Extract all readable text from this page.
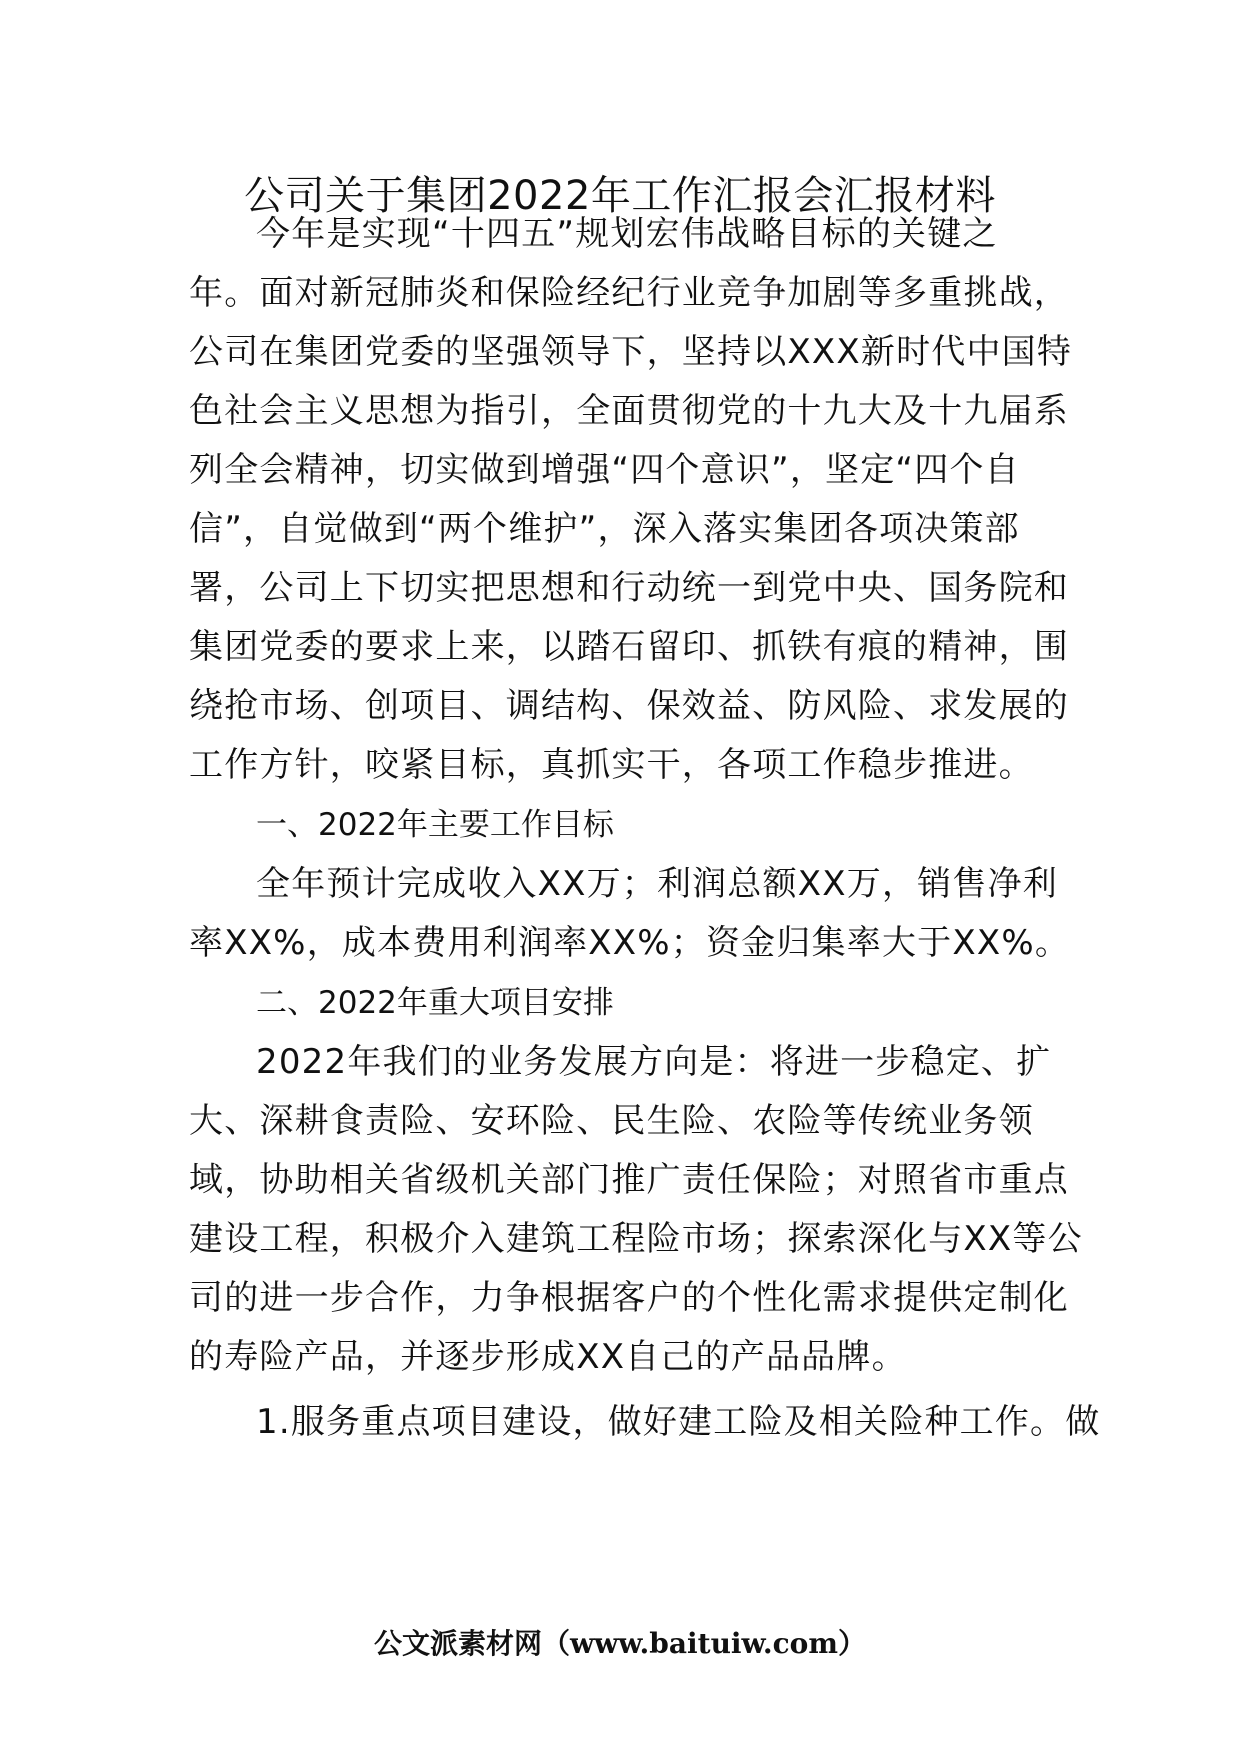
公司关于集团2022年工作汇报会汇报材料
今年是实现“十四五”规划宏伟战略目标的关键之
年。面对新冠肺炎和保险经纪行业竞争加剧等多重挑战，
公司在集团党委的坚强领导下，坚持以XXX新时代中国特
色社会主义思想为指引，全面贯彻党的十九大及十九届系
列全会精神，切实做到增强“四个意识”，坚定“四个自
信”，自觉做到“两个维护”，深入落实集团各项决策部
署，公司上下切实把思想和行动统一到党中央、国务院和
集团党委的要求上来，以踏石留印、抓铁有痕的精神，围
绕抢市场、创项目、调结构、保效益、防风险、求发展的
工作方针，咬紧目标，真抓实干，各项工作稳步推进。
一、2022年主要工作目标
全年预计完成收入XX万；利润总额XX万，销售净利
率XX%，成本费用利润率XX%；资金归集率大于XX%。
二、2022年重大项目安排
2022年我们的业务发展方向是：将进一步稳定、扩
大、深耕食责险、安环险、民生险、农险等传统业务领
域，协助相关省级机关部门推广责任保险；对照省市重点
建设工程，积极介入建筑工程险市场；探索深化与XX等公
司的进一步合作，力争根据客户的个性化需求提供定制化
的寿险产品，并逐步形成XX自己的产品品牌。
1.服务重点项目建设，做好建工险及相关险种工作。做
公文派素材网（www.baituiw.com）
